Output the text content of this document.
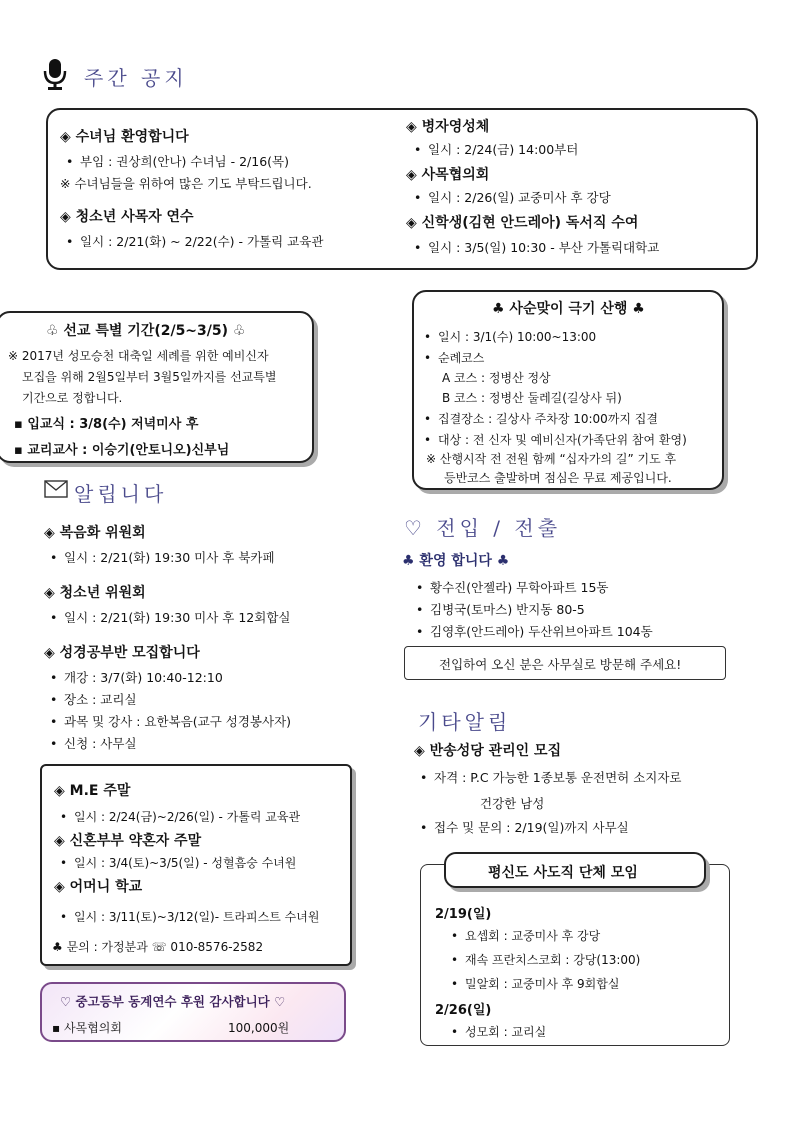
주간 공지
◈ 수녀님 환영합니다
• 부임 : 권상희(안나) 수녀님 - 2/16(목)
※ 수녀님들을 위하여 많은 기도 부탁드립니다.
◈ 청소년 사목자 연수
• 일시 : 2/21(화) ~ 2/22(수) - 가톨릭 교육관
◈ 병자영성체
• 일시 : 2/24(금) 14:00부터
◈ 사목협의회
• 일시 : 2/26(일) 교중미사 후 강당
◈ 신학생(김현 안드레아) 독서직 수여
• 일시 : 3/5(일) 10:30 - 부산 가톨릭대학교
♧ 선교 특별 기간(2/5~3/5) ♧
※ 2017년 성모승천 대축일 세례를 위한 예비신자
모집을 위해 2월5일부터 3월5일까지를 선교특별
기간으로 정합니다.
▪ 입교식 : 3/8(수) 저녁미사 후
▪ 교리교사 : 이승기(안토니오)신부님
♣ 사순맞이 극기 산행 ♣
• 일시 : 3/1(수) 10:00~13:00
• 순례코스
A 코스 : 정병산 정상
B 코스 : 정병산 둘레길(길상사 뒤)
• 집결장소 : 길상사 주차장 10:00까지 집결
• 대상 : 전 신자 및 예비신자(가족단위 참여 환영)
※ 산행시작 전 전원 함께 “십자가의 길” 기도 후
등반코스 출발하며 점심은 무료 제공입니다.
알립니다
◈ 복음화 위원회
• 일시 : 2/21(화) 19:30 미사 후 북카페
◈ 청소년 위원회
• 일시 : 2/21(화) 19:30 미사 후 12회합실
◈ 성경공부반 모집합니다
• 개강 : 3/7(화) 10:40-12:10
• 장소 : 교리실
• 과목 및 강사 : 요한복음(교구 성경봉사자)
• 신청 : 사무실
◈ M.E 주말
• 일시 : 2/24(금)~2/26(일) - 가톨릭 교육관
◈ 신혼부부 약혼자 주말
• 일시 : 3/4(토)~3/5(일) - 성혈흠숭 수녀원
◈ 어머니 학교
• 일시 : 3/11(토)~3/12(일)- 트라피스트 수녀원
♣ 문의 : 가정분과 ☏ 010-8576-2582
♡ 중고등부 동계연수 후원 감사합니다 ♡
▪ 사목협의회	100,000원
♡ 전입 / 전출
♣ 환영 합니다 ♣
• 황수진(안젤라) 무학아파트 15동
• 김병국(토마스) 반지동 80-5
• 김영후(안드레아) 두산위브아파트 104동
전입하여 오신 분은 사무실로 방문해 주세요!
기타알림
◈ 반송성당 관리인 모집
• 자격 : P.C 가능한 1종보통 운전면허 소지자로
건강한 남성
• 접수 및 문의 : 2/19(일)까지 사무실
2/19(일)
• 요셉회 : 교중미사 후 강당
• 재속 프란치스코회 : 강당(13:00)
• 밀알회 : 교중미사 후 9회합실
2/26(일)
• 성모회 : 교리실
평신도 사도직 단체 모임
